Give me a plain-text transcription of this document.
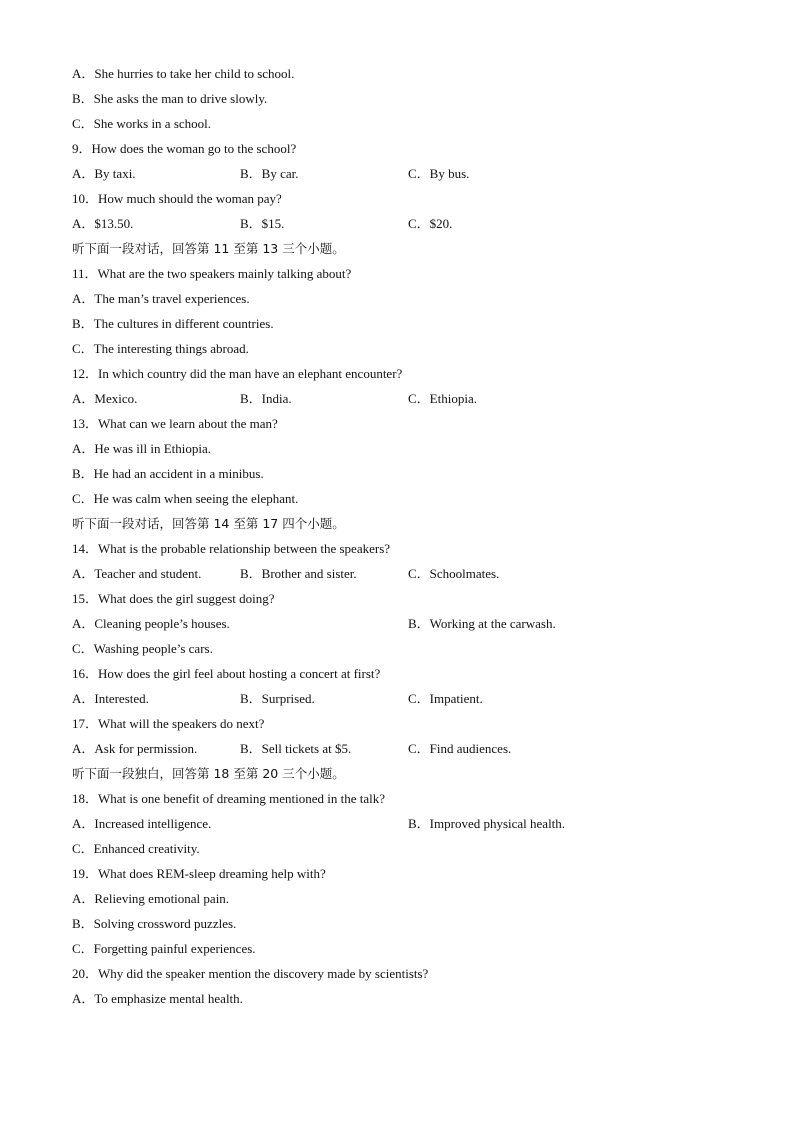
A．She hurries to take her child to school.
B．She asks the man to drive slowly.
C．She works in a school.
9．How does the woman go to the school?
A．By taxi.	B．By car.	C．By bus.
10．How much should the woman pay?
A．$13.50.	B．$15.	C．$20.
听下面一段对话，回答第 11 至第 13 三个小题。
11．What are the two speakers mainly talking about?
A．The man’s travel experiences.
B．The cultures in different countries.
C．The interesting things abroad.
12．In which country did the man have an elephant encounter?
A．Mexico.	B．India.	C．Ethiopia.
13．What can we learn about the man?
A．He was ill in Ethiopia.
B．He had an accident in a minibus.
C．He was calm when seeing the elephant.
听下面一段对话，回答第 14 至第 17 四个小题。
14．What is the probable relationship between the speakers?
A．Teacher and student.	B．Brother and sister.	C．Schoolmates.
15．What does the girl suggest doing?
A．Cleaning people’s houses.	B．Working at the carwash.
C．Washing people’s cars.
16．How does the girl feel about hosting a concert at first?
A．Interested.	B．Surprised.	C．Impatient.
17．What will the speakers do next?
A．Ask for permission.	B．Sell tickets at $5.	C．Find audiences.
听下面一段独白，回答第 18 至第 20 三个小题。
18．What is one benefit of dreaming mentioned in the talk?
A．Increased intelligence.	B．Improved physical health.
C．Enhanced creativity.
19．What does REM-sleep dreaming help with?
A．Relieving emotional pain.
B．Solving crossword puzzles.
C．Forgetting painful experiences.
20．Why did the speaker mention the discovery made by scientists?
A．To emphasize mental health.
